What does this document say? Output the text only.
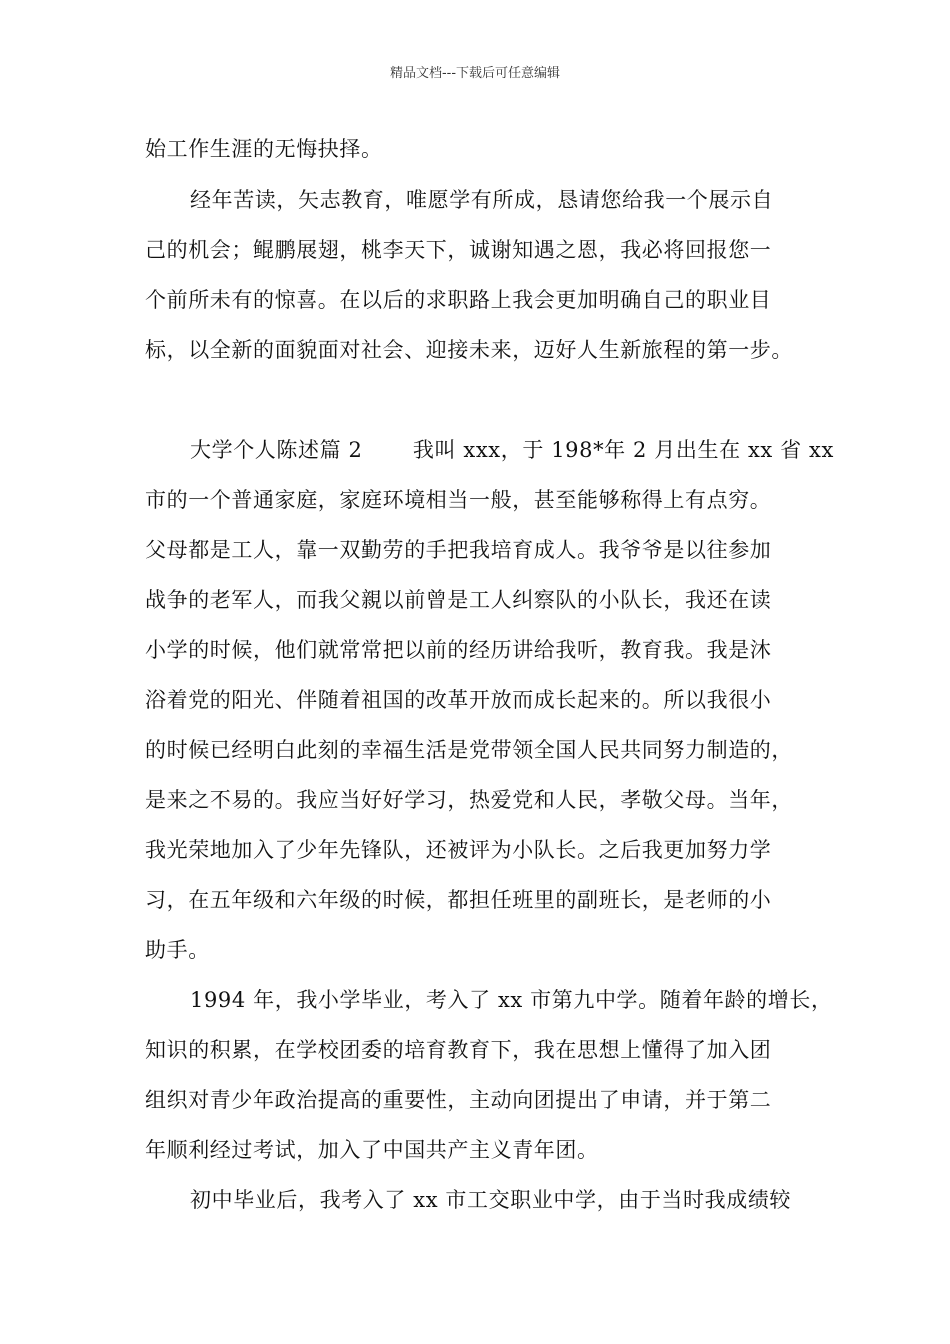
精品文档---下载后可任意编辑
始工作生涯的无悔抉择。
经年苦读，矢志教育，唯愿学有所成，恳请您给我一个展示自
己的机会；鲲鹏展翅，桃李天下，诚谢知遇之恩，我必将回报您一
个前所未有的惊喜。在以后的求职路上我会更加明确自己的职业目
标，以全新的面貌面对社会、迎接未来，迈好人生新旅程的第一步。
大学个人陈述篇 2　　 我叫 xxx，于 198*年 2 月出生在 xx 省 xx
市的一个普通家庭，家庭环境相当一般，甚至能够称得上有点穷。
父母都是工人，靠一双勤劳的手把我培育成人。我爷爷是以往参加
战争的老军人，而我父親以前曾是工人纠察队的小队长，我还在读
小学的时候，他们就常常把以前的经历讲给我听，教育我。我是沐
浴着党的阳光、伴随着祖国的改革开放而成长起来的。所以我很小
的时候已经明白此刻的幸福生活是党带领全国人民共同努力制造的，
是来之不易的。我应当好好学习，热爱党和人民，孝敬父母。当年，
我光荣地加入了少年先锋队，还被评为小队长。之后我更加努力学
习，在五年级和六年级的时候，都担任班里的副班长，是老师的小
助手。
1994 年，我小学毕业，考入了 xx 市第九中学。随着年龄的增长，
知识的积累，在学校团委的培育教育下，我在思想上懂得了加入团
组织对青少年政治提高的重要性，主动向团提出了申请，并于第二
年顺利经过考试，加入了中国共产主义青年团。
初中毕业后，我考入了 xx 市工交职业中学，由于当时我成绩较
